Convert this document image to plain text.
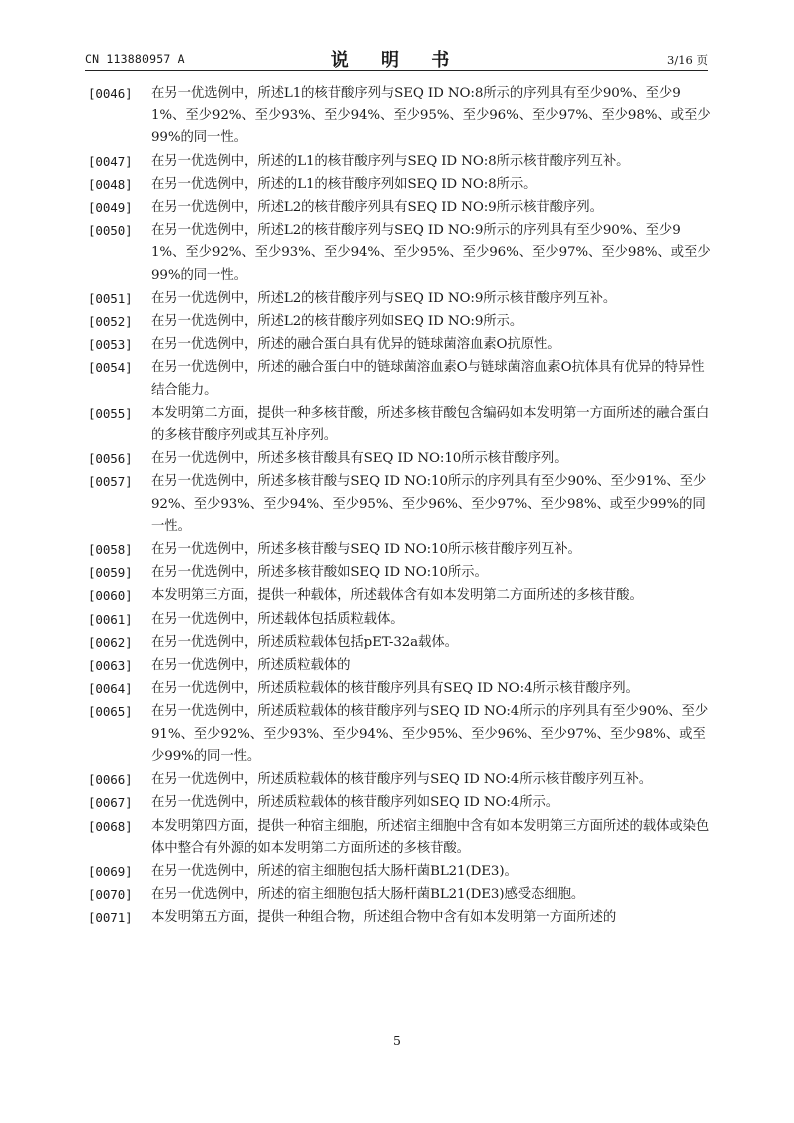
CN 113880957 A	说 明 书	3/16 页
[0046] 在另一优选例中，所述L1的核苷酸序列与SEQ ID NO:8所示的序列具有至少90%、至少91%、至少92%、至少93%、至少94%、至少95%、至少96%、至少97%、至少98%、或至少99%的同一性。
[0047] 在另一优选例中，所述的L1的核苷酸序列与SEQ ID NO:8所示核苷酸序列互补。
[0048] 在另一优选例中，所述的L1的核苷酸序列如SEQ ID NO:8所示。
[0049] 在另一优选例中，所述L2的核苷酸序列具有SEQ ID NO:9所示核苷酸序列。
[0050] 在另一优选例中，所述L2的核苷酸序列与SEQ ID NO:9所示的序列具有至少90%、至少91%、至少92%、至少93%、至少94%、至少95%、至少96%、至少97%、至少98%、或至少99%的同一性。
[0051] 在另一优选例中，所述L2的核苷酸序列与SEQ ID NO:9所示核苷酸序列互补。
[0052] 在另一优选例中，所述L2的核苷酸序列如SEQ ID NO:9所示。
[0053] 在另一优选例中，所述的融合蛋白具有优异的链球菌溶血素O抗原性。
[0054] 在另一优选例中，所述的融合蛋白中的链球菌溶血素O与链球菌溶血素O抗体具有优异的特异性结合能力。
[0055] 本发明第二方面，提供一种多核苷酸，所述多核苷酸包含编码如本发明第一方面所述的融合蛋白的多核苷酸序列或其互补序列。
[0056] 在另一优选例中，所述多核苷酸具有SEQ ID NO:10所示核苷酸序列。
[0057] 在另一优选例中，所述多核苷酸与SEQ ID NO:10所示的序列具有至少90%、至少91%、至少92%、至少93%、至少94%、至少95%、至少96%、至少97%、至少98%、或至少99%的同一性。
[0058] 在另一优选例中，所述多核苷酸与SEQ ID NO:10所示核苷酸序列互补。
[0059] 在另一优选例中，所述多核苷酸如SEQ ID NO:10所示。
[0060] 本发明第三方面，提供一种载体，所述载体含有如本发明第二方面所述的多核苷酸。
[0061] 在另一优选例中，所述载体包括质粒载体。
[0062] 在另一优选例中，所述质粒载体包括pET-32a载体。
[0063] 在另一优选例中，所述质粒载体的
[0064] 在另一优选例中，所述质粒载体的核苷酸序列具有SEQ ID NO:4所示核苷酸序列。
[0065] 在另一优选例中，所述质粒载体的核苷酸序列与SEQ ID NO:4所示的序列具有至少90%、至少91%、至少92%、至少93%、至少94%、至少95%、至少96%、至少97%、至少98%、或至少99%的同一性。
[0066] 在另一优选例中，所述质粒载体的核苷酸序列与SEQ ID NO:4所示核苷酸序列互补。
[0067] 在另一优选例中，所述质粒载体的核苷酸序列如SEQ ID NO:4所示。
[0068] 本发明第四方面，提供一种宿主细胞，所述宿主细胞中含有如本发明第三方面所述的载体或染色体中整合有外源的如本发明第二方面所述的多核苷酸。
[0069] 在另一优选例中，所述的宿主细胞包括大肠杆菌BL21(DE3)。
[0070] 在另一优选例中，所述的宿主细胞包括大肠杆菌BL21(DE3)感受态细胞。
[0071] 本发明第五方面，提供一种组合物，所述组合物中含有如本发明第一方面所述的
5
